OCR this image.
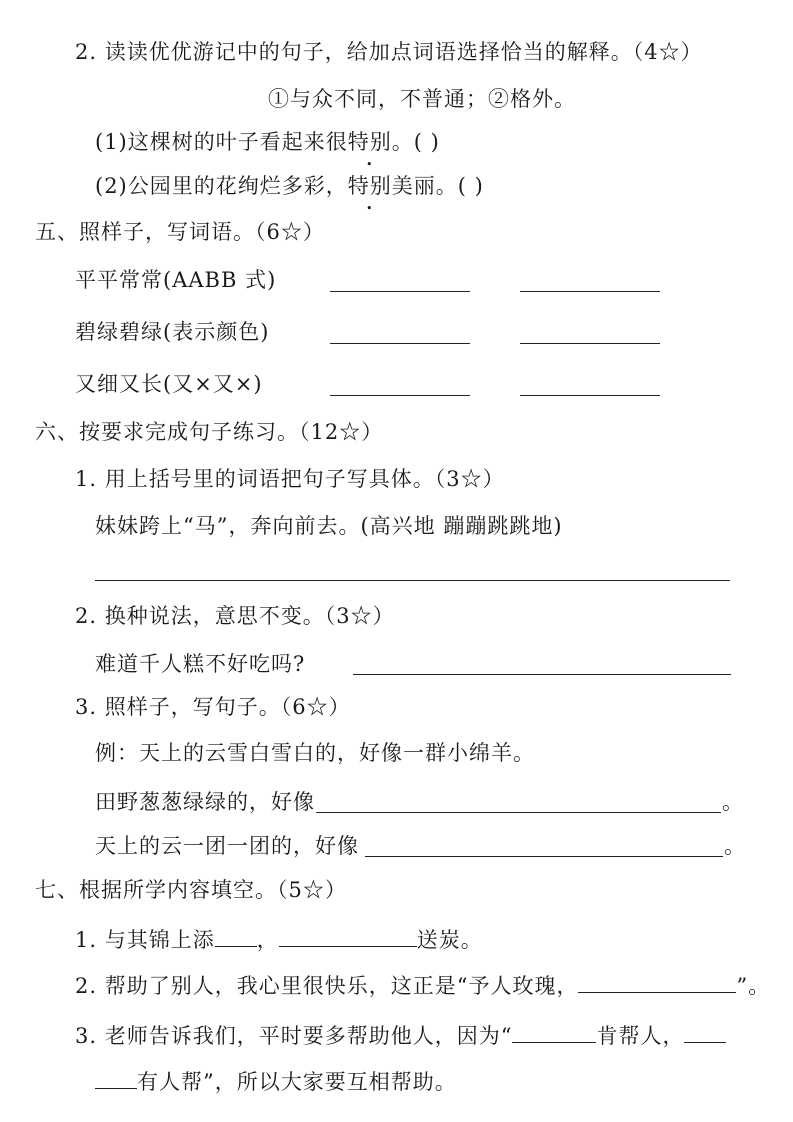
2. 读读优优游记中的句子，给加点词语选择恰当的解释。（4☆）
①与众不同，不普通；②格外。
(1)这棵树的叶子看起来很特别。( )
(2)公园里的花绚烂多彩，特别美丽。( )
五、照样子，写词语。（6☆）
平平常常(AABB 式)
碧绿碧绿(表示颜色)
又细又长(又×又×)
六、按要求完成句子练习。（12☆）
1. 用上括号里的词语把句子写具体。（3☆）
妹妹跨上“马”，奔向前去。(高兴地 蹦蹦跳跳地)
2. 换种说法，意思不变。（3☆）
难道千人糕不好吃吗?
3. 照样子，写句子。（6☆）
例：天上的云雪白雪白的，好像一群小绵羊。
田野葱葱绿绿的，好像	。
天上的云一团一团的，好像	。
七、根据所学内容填空。（5☆）
1. 与其锦上添 ，	送炭。
2. 帮助了别人，我心里很快乐，这正是“予人玫瑰，	”。
3. 老师告诉我们，平时要多帮助他人，因为“	肯帮人，
有人帮”，所以大家要互相帮助。
